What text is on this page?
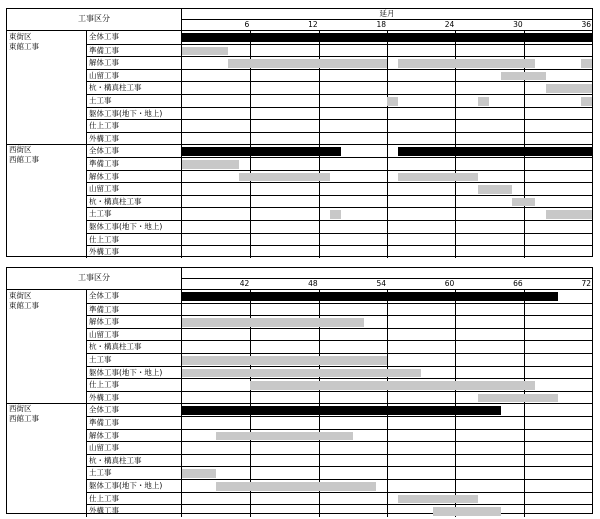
工事区分
延月
6	12	18	24	30	36
東街区
東館工事
全体工事
準備工事
解体工事
山留工事
杭・構真柱工事
土工事
躯体工事(地下・地上)
仕上工事
外構工事
西街区
西館工事
全体工事
準備工事
解体工事
山留工事
杭・構真柱工事
土工事
躯体工事(地下・地上)
仕上工事
外構工事
工事区分
42	48	54	60	66	72
東街区
東館工事
全体工事
準備工事
解体工事
山留工事
杭・構真柱工事
土工事
躯体工事(地下・地上)
仕上工事
外構工事
西街区
西館工事
全体工事
準備工事
解体工事
山留工事
杭・構真柱工事
土工事
躯体工事(地下・地上)
仕上工事
外構工事
